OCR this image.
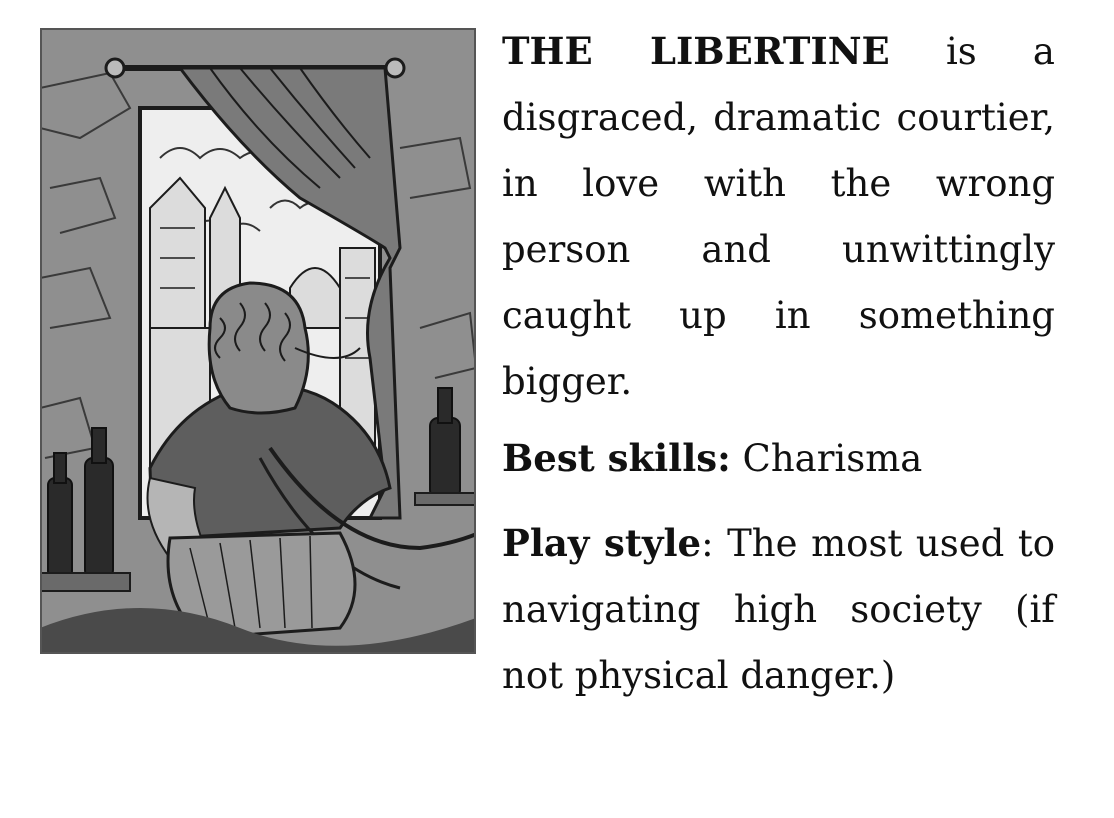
THE LIBERTINE is a disgraced, dramatic courtier, in love with the wrong person and unwittingly caught up in something bigger.

Best skills: Charisma

Play style: The most used to navigating high society (if not physical danger.)
